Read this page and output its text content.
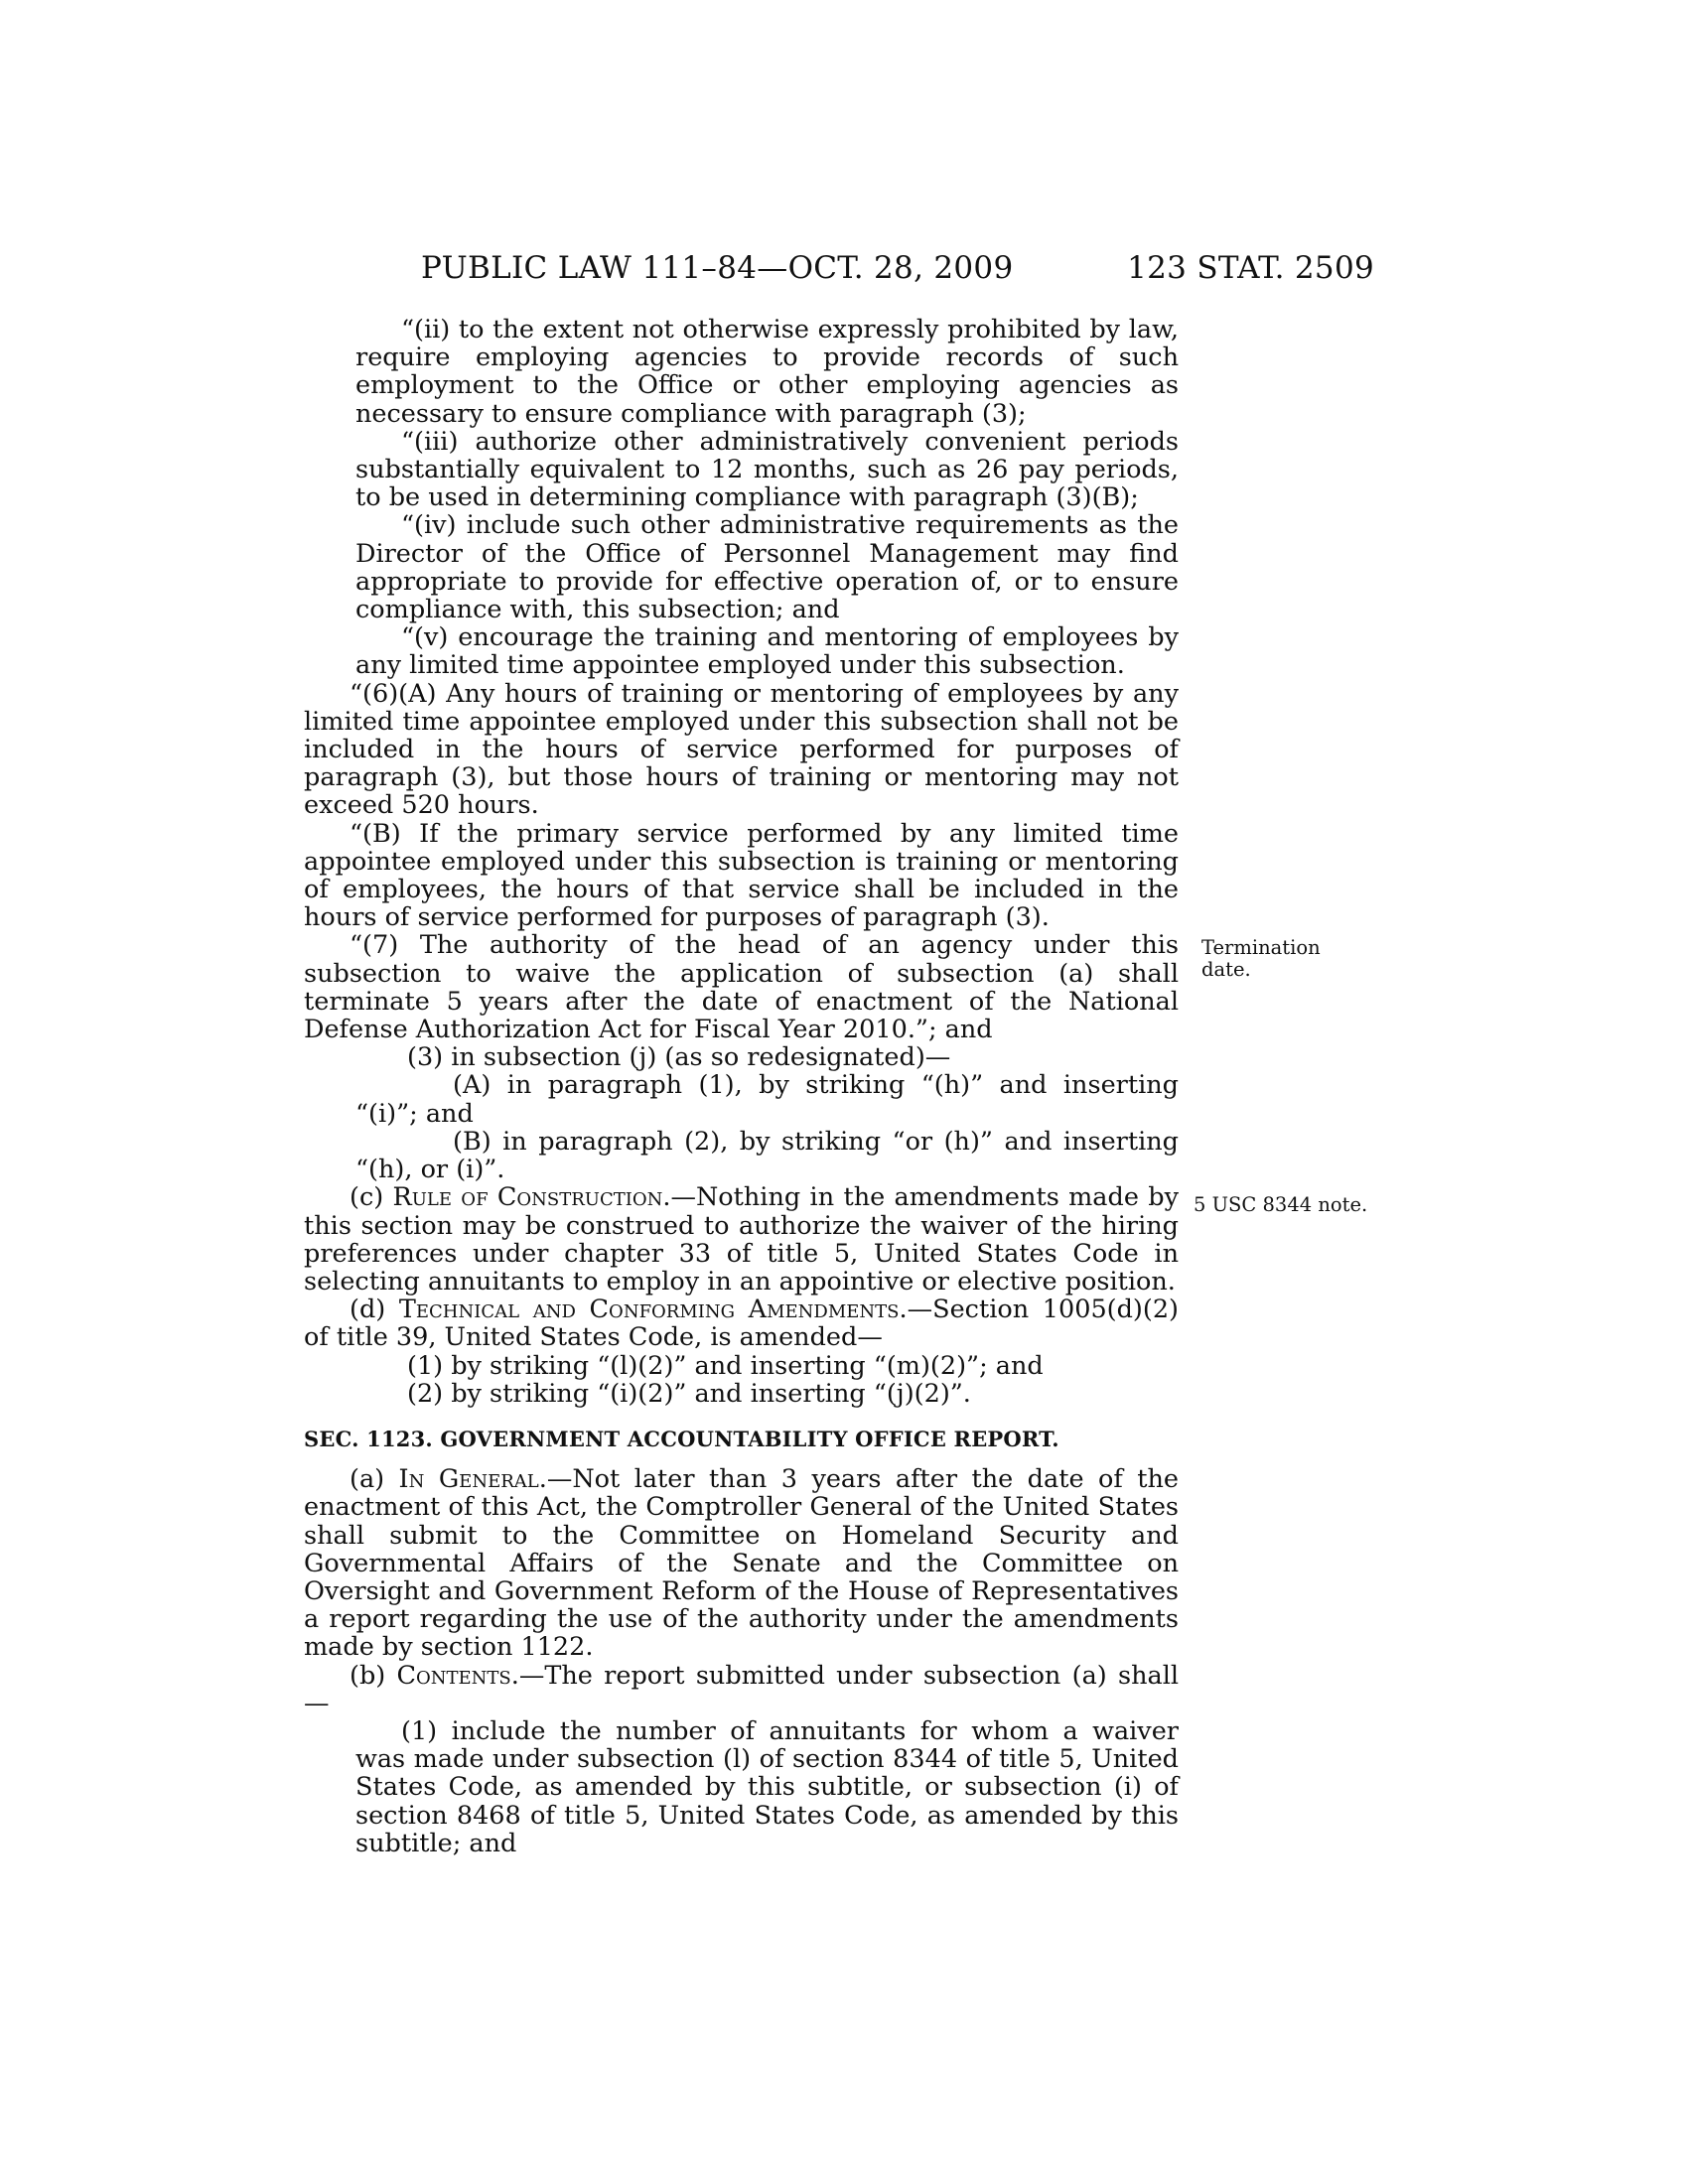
PUBLIC LAW 111–84—OCT. 28, 2009	123 STAT. 2509
Termination date.
5 USC 8344 note.

“(ii) to the extent not otherwise expressly prohibited by law, require employing agencies to provide records of such employment to the Office or other employing agencies as necessary to ensure compliance with paragraph (3);

“(iii) authorize other administratively convenient periods substantially equivalent to 12 months, such as 26 pay periods, to be used in determining compliance with paragraph (3)(B);

“(iv) include such other administrative requirements as the Director of the Office of Personnel Management may find appropriate to provide for effective operation of, or to ensure compliance with, this subsection; and

“(v) encourage the training and mentoring of employees by any limited time appointee employed under this subsection.

“(6)(A) Any hours of training or mentoring of employees by any limited time appointee employed under this subsection shall not be included in the hours of service performed for purposes of paragraph (3), but those hours of training or mentoring may not exceed 520 hours.

“(B) If the primary service performed by any limited time appointee employed under this subsection is training or mentoring of employees, the hours of that service shall be included in the hours of service performed for purposes of paragraph (3).

“(7) The authority of the head of an agency under this subsection to waive the application of subsection (a) shall terminate 5 years after the date of enactment of the National Defense Authorization Act for Fiscal Year 2010.”; and

(3) in subsection (j) (as so redesignated)—

(A) in paragraph (1), by striking “(h)” and inserting “(i)”; and

(B) in paragraph (2), by striking “or (h)” and inserting “(h), or (i)”.

(c) Rule of Construction.—Nothing in the amendments made by this section may be construed to authorize the waiver of the hiring preferences under chapter 33 of title 5, United States Code in selecting annuitants to employ in an appointive or elective position.

(d) Technical and Conforming Amendments.—Section 1005(d)(2) of title 39, United States Code, is amended—

(1) by striking “(l)(2)” and inserting “(m)(2)”; and

(2) by striking “(i)(2)” and inserting “(j)(2)”.

SEC. 1123. GOVERNMENT ACCOUNTABILITY OFFICE REPORT.

(a) In General.—Not later than 3 years after the date of the enactment of this Act, the Comptroller General of the United States shall submit to the Committee on Homeland Security and Governmental Affairs of the Senate and the Committee on Oversight and Government Reform of the House of Representatives a report regarding the use of the authority under the amendments made by section 1122.

(b) Contents.—The report submitted under subsection (a) shall—

(1) include the number of annuitants for whom a waiver was made under subsection (l) of section 8344 of title 5, United States Code, as amended by this subtitle, or subsection (i) of section 8468 of title 5, United States Code, as amended by this subtitle; and
